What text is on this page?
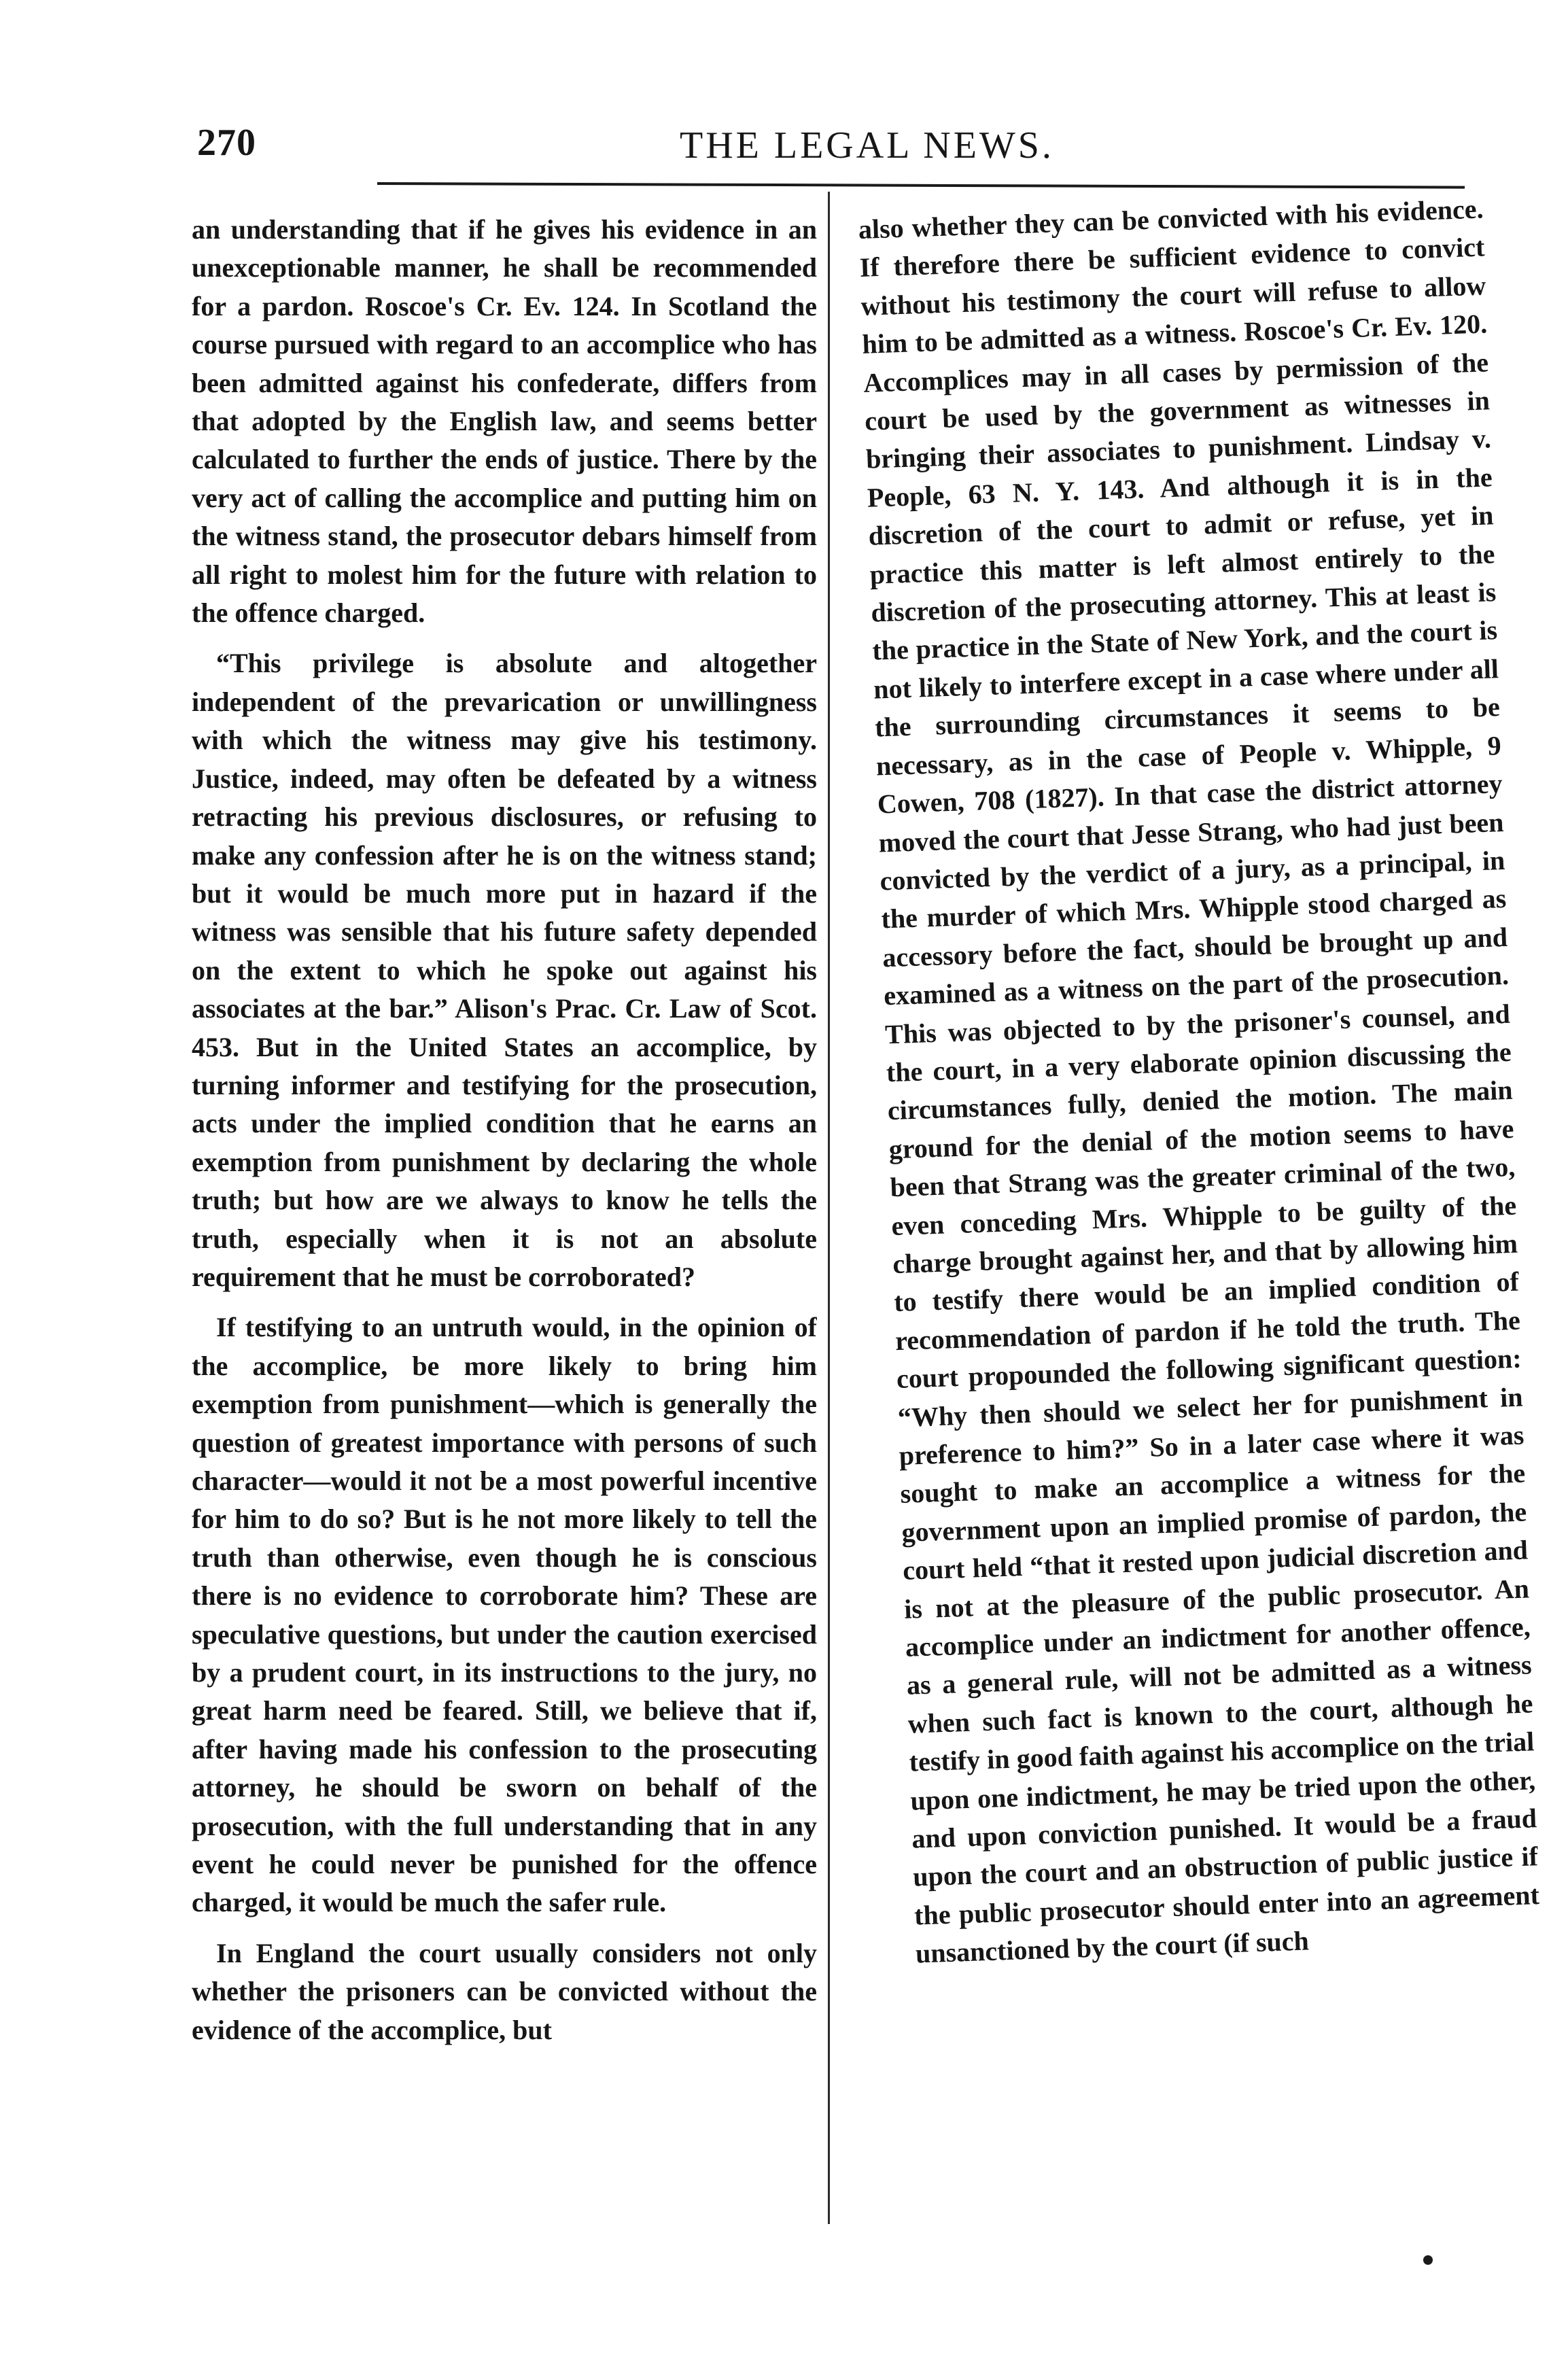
270	THE LEGAL NEWS.

an understanding that if he gives his evidence in an unexceptionable manner, he shall be recommended for a pardon. Roscoe's Cr. Ev. 124. In Scotland the course pursued with regard to an accomplice who has been admitted against his confederate, differs from that adopted by the English law, and seems better calculated to further the ends of justice. There by the very act of calling the accomplice and putting him on the witness stand, the prosecutor debars himself from all right to molest him for the future with relation to the offence charged.

“This privilege is absolute and altogether independent of the prevarication or unwillingness with which the witness may give his testimony. Justice, indeed, may often be defeated by a witness retracting his previous disclosures, or refusing to make any confession after he is on the witness stand; but it would be much more put in hazard if the witness was sensible that his future safety depended on the extent to which he spoke out against his associates at the bar.” Alison's Prac. Cr. Law of Scot. 453. But in the United States an accomplice, by turning informer and testifying for the prosecution, acts under the implied condition that he earns an exemption from punishment by declaring the whole truth; but how are we always to know he tells the truth, especially when it is not an absolute requirement that he must be corroborated?

If testifying to an untruth would, in the opinion of the accomplice, be more likely to bring him exemption from punishment—which is generally the question of greatest importance with persons of such character—would it not be a most powerful incentive for him to do so? But is he not more likely to tell the truth than otherwise, even though he is conscious there is no evidence to corroborate him? These are speculative questions, but under the caution exercised by a prudent court, in its instructions to the jury, no great harm need be feared. Still, we believe that if, after having made his confession to the prosecuting attorney, he should be sworn on behalf of the prosecution, with the full understanding that in any event he could never be punished for the offence charged, it would be much the safer rule.

In England the court usually considers not only whether the prisoners can be convicted without the evidence of the accomplice, but

also whether they can be convicted with his evidence. If therefore there be sufficient evidence to convict without his testimony the court will refuse to allow him to be admitted as a witness. Roscoe's Cr. Ev. 120. Accomplices may in all cases by permission of the court be used by the government as witnesses in bringing their associates to punishment. Lindsay v. People, 63 N. Y. 143. And although it is in the discretion of the court to admit or refuse, yet in practice this matter is left almost entirely to the discretion of the prosecuting attorney. This at least is the practice in the State of New York, and the court is not likely to interfere except in a case where under all the surrounding circumstances it seems to be necessary, as in the case of People v. Whipple, 9 Cowen, 708 (1827). In that case the district attorney moved the court that Jesse Strang, who had just been convicted by the verdict of a jury, as a principal, in the murder of which Mrs. Whipple stood charged as accessory before the fact, should be brought up and examined as a witness on the part of the prosecution. This was objected to by the prisoner's counsel, and the court, in a very elaborate opinion discussing the circumstances fully, denied the motion. The main ground for the denial of the motion seems to have been that Strang was the greater criminal of the two, even conceding Mrs. Whipple to be guilty of the charge brought against her, and that by allowing him to testify there would be an implied condition of recommendation of pardon if he told the truth. The court propounded the following significant question: “Why then should we select her for punishment in preference to him?” So in a later case where it was sought to make an accomplice a witness for the government upon an implied promise of pardon, the court held “that it rested upon judicial discretion and is not at the pleasure of the public prosecutor. An accomplice under an indictment for another offence, as a general rule, will not be admitted as a witness when such fact is known to the court, although he testify in good faith against his accomplice on the trial upon one indictment, he may be tried upon the other, and upon conviction punished. It would be a fraud upon the court and an obstruction of public justice if the public prosecutor should enter into an agreement unsanctioned by the court (if such
